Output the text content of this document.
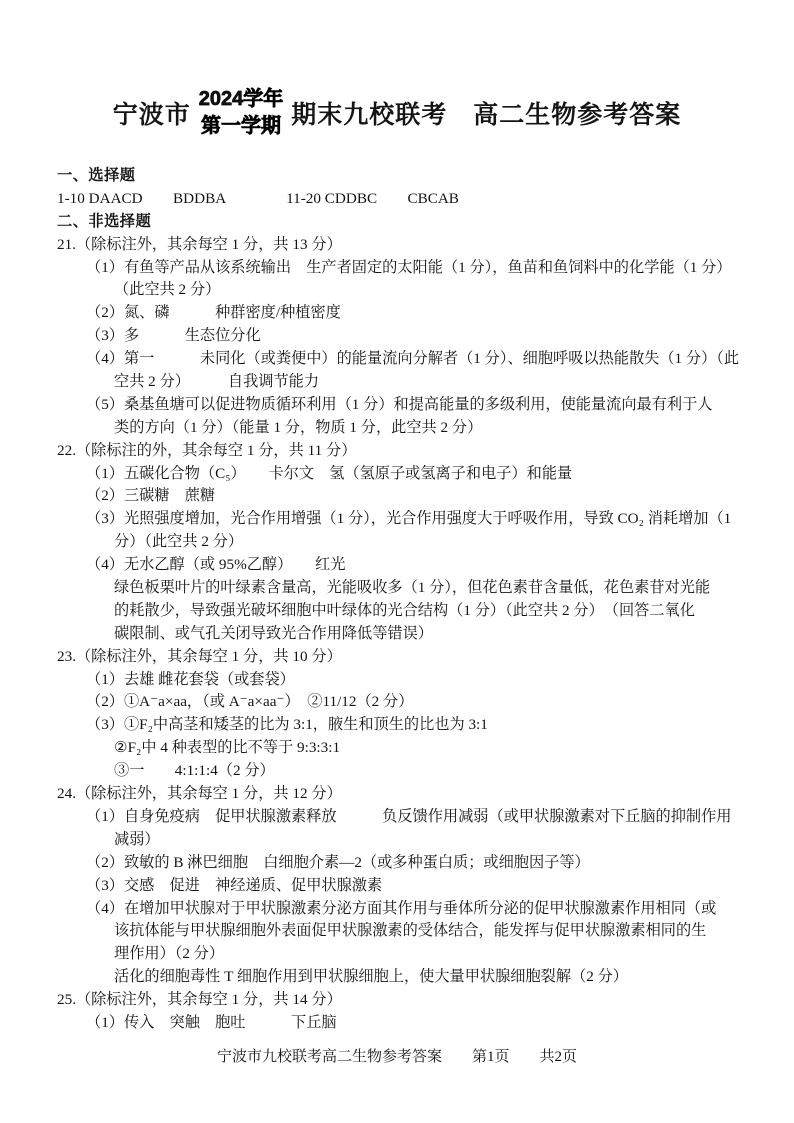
宁波市
2024学年
第一学期 期末九校联考　高二生物参考答案
一、选择题
1-10 DAACD　　BDDBA　　　　11-20 CDDBC　　CBCAB
二、非选择题
21.（除标注外，其余每空 1 分，共 13 分）
（1）有鱼等产品从该系统输出　生产者固定的太阳能（1 分），鱼苗和鱼饲料中的化学能（1 分）
（此空共 2 分）
（2）氮、磷　　　种群密度/种植密度
（3）多　　　生态位分化
（4）第一　　　未同化（或粪便中）的能量流向分解者（1 分）、细胞呼吸以热能散失（1 分）（此
空共 2 分）　　　自我调节能力
（5）桑基鱼塘可以促进物质循环利用（1 分）和提高能量的多级利用，使能量流向最有利于人
类的方向（1 分）（能量 1 分，物质 1 分，此空共 2 分）
22.（除标注的外，其余每空 1 分，共 11 分）
（1）五碳化合物（C₅）　　卡尔文　氢（氢原子或氢离子和电子）和能量
（2）三碳糖　蔗糖
（3）光照强度增加，光合作用增强（1 分），光合作用强度大于呼吸作用，导致 CO₂ 消耗增加（1
分）（此空共 2 分）
（4）无水乙醇（或 95%乙醇）　　红光
绿色板栗叶片的叶绿素含量高，光能吸收多（1 分），但花色素苷含量低，花色素苷对光能
的耗散少，导致强光破坏细胞中叶绿体的光合结构（1 分）（此空共 2 分）　（回答二氧化
碳限制、或气孔关闭导致光合作用降低等错误）
23.（除标注外，其余每空 1 分，共 10 分）
（1）去雄 雌花套袋（或套袋）
（2）①A⁻a×aa，（或 A⁻a×aa⁻）　②11/12（2 分）
（3）①F₂中高茎和矮茎的比为 3:1，腋生和顶生的比也为 3:1
②F₂中 4 种表型的比不等于 9:3:3:1
③一　　4:1:1:4（2 分）
24.（除标注外，其余每空 1 分，共 12 分）
（1）自身免疫病　促甲状腺激素释放　　　负反馈作用减弱（或甲状腺激素对下丘脑的抑制作用
减弱）
（2）致敏的 B 淋巴细胞　白细胞介素—2（或多种蛋白质；或细胞因子等）
（3）交感　促进　神经递质、促甲状腺激素
（4）在增加甲状腺对于甲状腺激素分泌方面其作用与垂体所分泌的促甲状腺激素作用相同（或
该抗体能与甲状腺细胞外表面促甲状腺激素的受体结合，能发挥与促甲状腺激素相同的生
理作用）（2 分）
活化的细胞毒性 T 细胞作用到甲状腺细胞上，使大量甲状腺细胞裂解（2 分）
25.（除标注外，其余每空 1 分，共 14 分）
（1）传入　突触　胞吐　　　下丘脑
宁波市九校联考高二生物参考答案　　第1页　　共2页
